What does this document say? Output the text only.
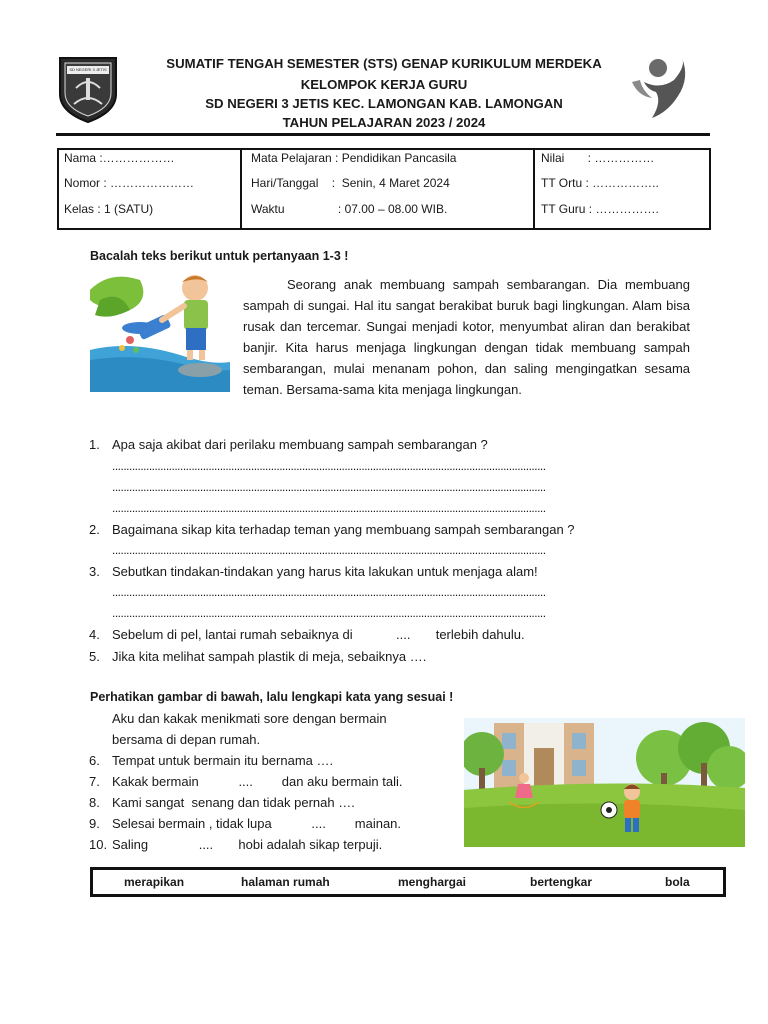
SD NEGERI 3 JETIS	SUMATIF TENGAH SEMESTER (STS) GENAP KURIKULUM MERDEKA
KELOMPOK KERJA GURU
SD NEGERI 3 JETIS KEC. LAMONGAN KAB. LAMONGAN
TAHUN PELAJARAN 2023 / 2024
Nama :………………
Nomor : …………………
Kelas : 1 (SATU)
Mata Pelajaran : Pendidikan Pancasila
Hari/Tanggal    :  Senin, 4 Maret 2024
Waktu                : 07.00 – 08.00 WIB.
Nilai       : ……………
TT Ortu : ……………..
TT Guru : …………….
Bacalah teks berikut untuk pertanyaan 1-3 !
Seorang anak membuang sampah sembarangan. Dia membuang sampah di sungai. Hal itu sangat berakibat buruk bagi lingkungan. Alam bisa rusak dan tercemar. Sungai menjadi kotor, menyumbat aliran dan berakibat banjir. Kita harus menjaga lingkungan dengan tidak membuang sampah sembarangan, mulai menanam pohon, dan saling mengingatkan sesama teman. Bersama-sama kita menjaga lingkungan.
1. Apa saja akibat dari perilaku membuang sampah sembarangan ?
.........................................................................................................................................................
.........................................................................................................................................................
.........................................................................................................................................................
2. Bagaimana sikap kita terhadap teman yang membuang sampah sembarangan ?
.........................................................................................................................................................
3. Sebutkan tindakan-tindakan yang harus kita lakukan untuk menjaga alam!
.........................................................................................................................................................
.........................................................................................................................................................
4. Sebelum di pel, lantai rumah sebaiknya di            ....       terlebih dahulu.
5. Jika kita melihat sampah plastik di meja, sebaiknya ….
Perhatikan gambar di bawah, lalu lengkapi kata yang sesuai !
Aku dan kakak menikmati sore dengan bermain
bersama di depan rumah.
6. Tempat untuk bermain itu bernama ….
7. Kakak bermain           ....        dan aku bermain tali.
8. Kami sangat  senang dan tidak pernah ….
9. Selesai bermain , tidak lupa           ....        mainan.
10. Saling              ....       hobi adalah sikap terpuji.
merapikan	halaman rumah	menghargai	bertengkar	bola
